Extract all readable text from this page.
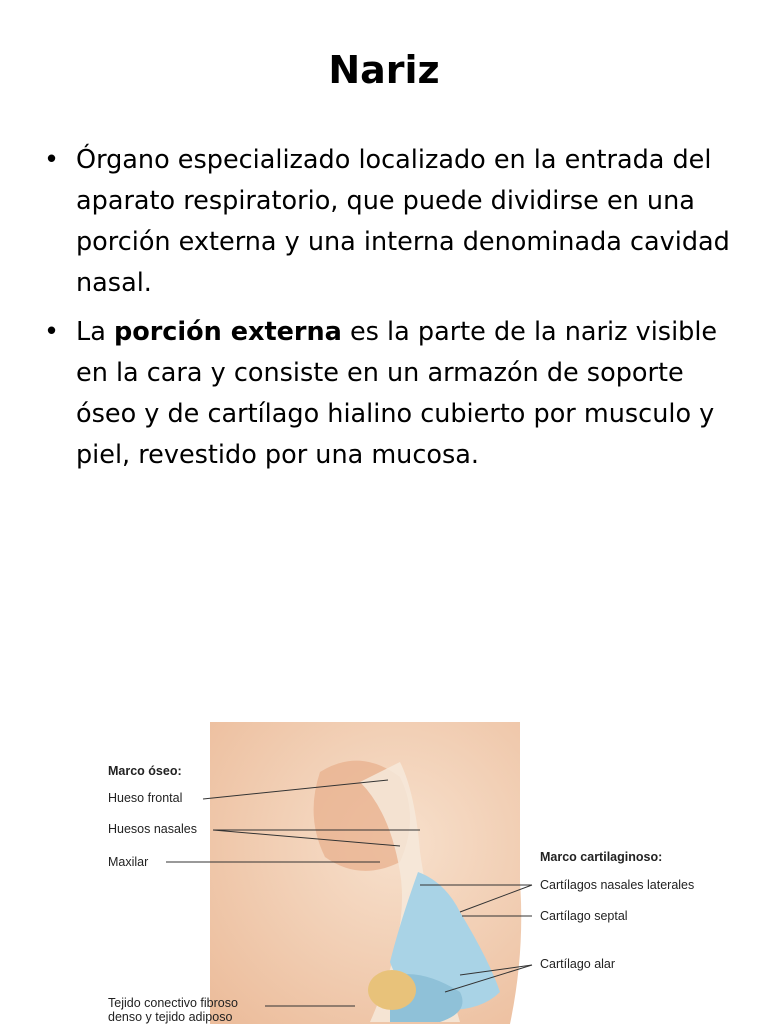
Nariz
• Órgano especializado localizado en la entrada del aparato respiratorio, que puede dividirse en una porción externa y una interna denominada cavidad nasal.
• La porción externa es la parte de la nariz visible en la cara y consiste en un armazón de soporte óseo y de cartílago hialino cubierto por musculo y piel, revestido por una mucosa.
Marco óseo:
Hueso frontal
Huesos nasales
Maxilar
Tejido conectivo fibroso denso y tejido adiposo
Marco cartilaginoso:
Cartílagos nasales laterales
Cartílago septal
Cartílago alar
